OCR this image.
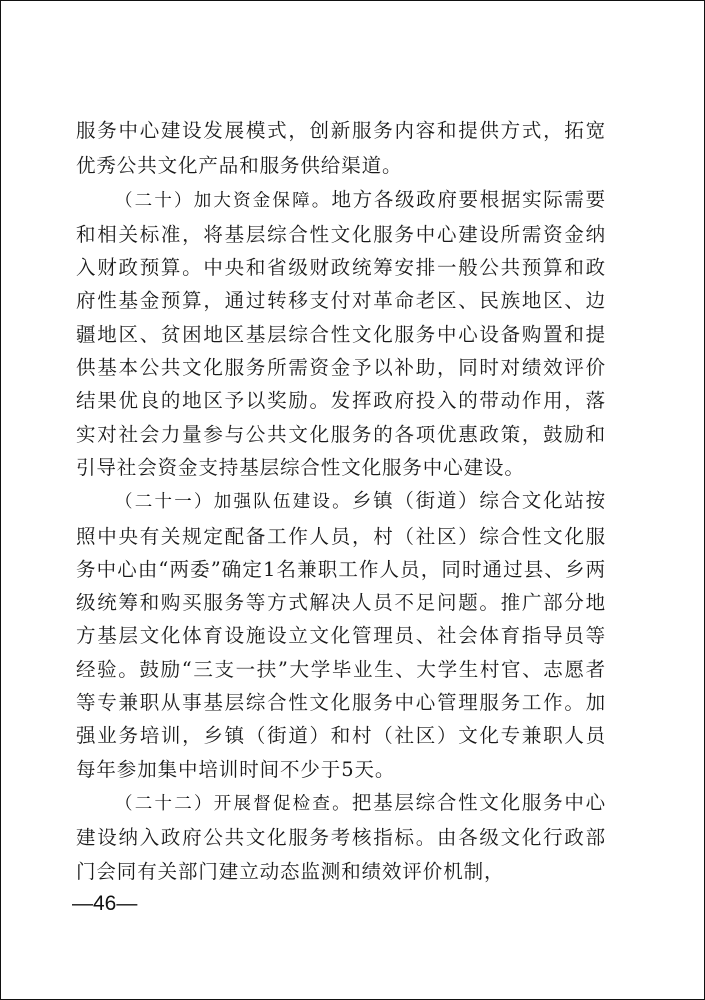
服务中心建设发展模式，创新服务内容和提供方式，拓宽优秀公共文化产品和服务供给渠道。

（二十）加大资金保障。地方各级政府要根据实际需要和相关标准，将基层综合性文化服务中心建设所需资金纳入财政预算。中央和省级财政统筹安排一般公共预算和政府性基金预算，通过转移支付对革命老区、民族地区、边疆地区、贫困地区基层综合性文化服务中心设备购置和提供基本公共文化服务所需资金予以补助，同时对绩效评价结果优良的地区予以奖励。发挥政府投入的带动作用，落实对社会力量参与公共文化服务的各项优惠政策，鼓励和引导社会资金支持基层综合性文化服务中心建设。

（二十一）加强队伍建设。乡镇（街道）综合文化站按照中央有关规定配备工作人员，村（社区）综合性文化服务中心由“两委”确定1名兼职工作人员，同时通过县、乡两级统筹和购买服务等方式解决人员不足问题。推广部分地方基层文化体育设施设立文化管理员、社会体育指导员等经验。鼓励“三支一扶”大学毕业生、大学生村官、志愿者等专兼职从事基层综合性文化服务中心管理服务工作。加强业务培训，乡镇（街道）和村（社区）文化专兼职人员每年参加集中培训时间不少于5天。

（二十二）开展督促检查。把基层综合性文化服务中心建设纳入政府公共文化服务考核指标。由各级文化行政部门会同有关部门建立动态监测和绩效评价机制，

—46—
